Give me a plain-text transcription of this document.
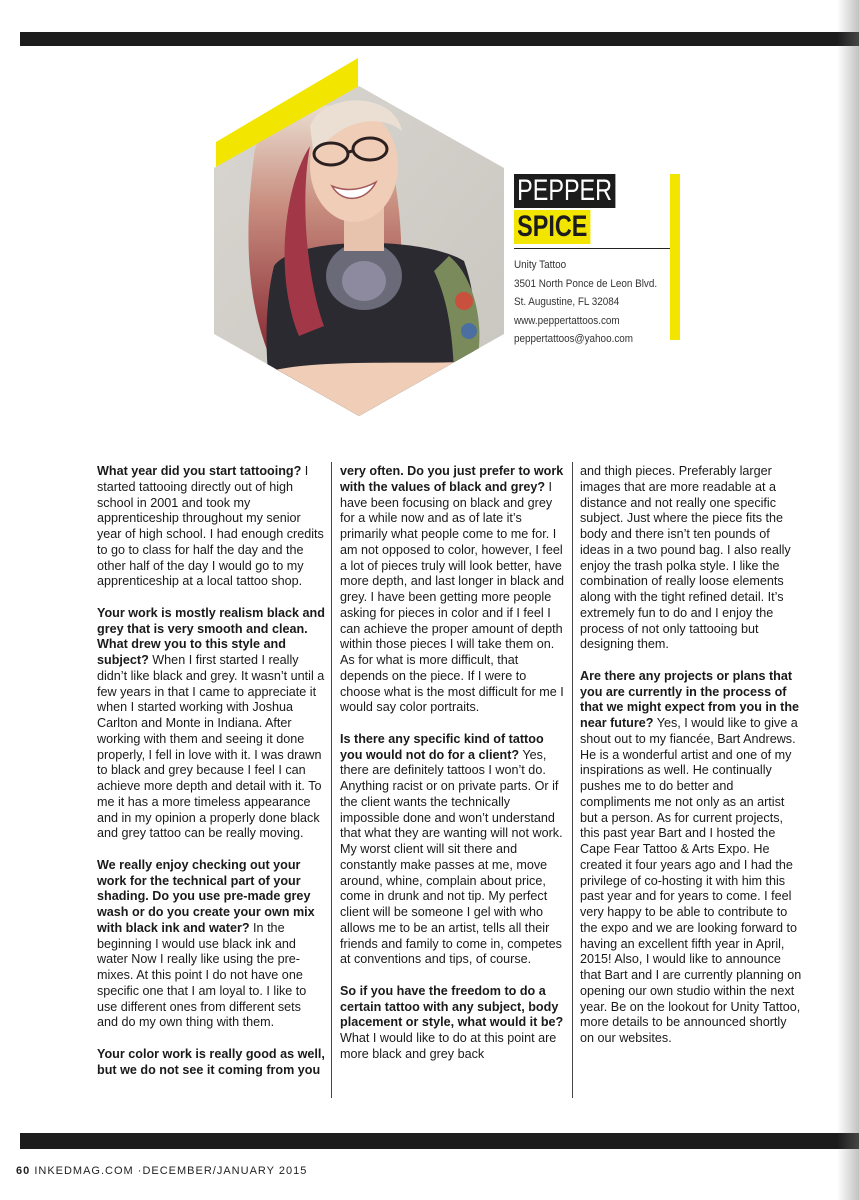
PEPPER
SPICE
Unity Tattoo
3501 North Ponce de Leon Blvd.
St. Augustine, FL 32084
www.peppertattoos.com
peppertattoos@yahoo.com

What year did you start tattooing? I started tattooing directly out of high school in 2001 and took my apprenticeship throughout my senior year of high school. I had enough credits to go to class for half the day and the other half of the day I would go to my apprenticeship at a local tattoo shop.

Your work is mostly realism black and grey that is very smooth and clean. What drew you to this style and subject? When I first started I really didn’t like black and grey. It wasn’t until a few years in that I came to appreciate it when I started working with Joshua Carlton and Monte in Indiana. After working with them and seeing it done properly, I fell in love with it. I was drawn to black and grey because I feel I can achieve more depth and detail with it. To me it has a more timeless appearance and in my opinion a properly done black and grey tattoo can be really moving.

We really enjoy checking out your work for the technical part of your shading. Do you use pre-made grey wash or do you create your own mix with black ink and water? In the beginning I would use black ink and water Now I really like using the pre-mixes. At this point I do not have one specific one that I am loyal to. I like to use different ones from different sets and do my own thing with them.

Your color work is really good as well, but we do not see it coming from you

very often. Do you just prefer to work with the values of black and grey? I have been focusing on black and grey for a while now and as of late it’s primarily what people come to me for. I am not opposed to color, however, I feel a lot of pieces truly will look better, have more depth, and last longer in black and grey. I have been getting more people asking for pieces in color and if I feel I can achieve the proper amount of depth within those pieces I will take them on. As for what is more difficult, that depends on the piece. If I were to choose what is the most difficult for me I would say color portraits.

Is there any specific kind of tattoo you would not do for a client? Yes, there are definitely tattoos I won’t do. Anything racist or on private parts. Or if the client wants the technically impossible done and won’t understand that what they are wanting will not work. My worst client will sit there and constantly make passes at me, move around, whine, complain about price, come in drunk and not tip. My perfect client will be someone I gel with who allows me to be an artist, tells all their friends and family to come in, competes at conventions and tips, of course.

So if you have the freedom to do a certain tattoo with any subject, body placement or style, what would it be? What I would like to do at this point are more black and grey back

and thigh pieces. Preferably larger images that are more readable at a distance and not really one specific subject. Just where the piece fits the body and there isn’t ten pounds of ideas in a two pound bag. I also really enjoy the trash polka style. I like the combination of really loose elements along with the tight refined detail. It’s extremely fun to do and I enjoy the process of not only tattooing but designing them.

Are there any projects or plans that you are currently in the process of that we might expect from you in the near future? Yes, I would like to give a shout out to my fiancée, Bart Andrews. He is a wonderful artist and one of my inspirations as well. He continually pushes me to do better and compliments me not only as an artist but a person. As for current projects, this past year Bart and I hosted the Cape Fear Tattoo & Arts Expo. He created it four years ago and I had the privilege of co-hosting it with him this past year and for years to come. I feel very happy to be able to contribute to the expo and we are looking forward to having an excellent fifth year in April, 2015! Also, I would like to announce that Bart and I are currently planning on opening our own studio within the next year. Be on the lookout for Unity Tattoo, more details to be announced shortly on our websites.

60 INKEDMAG.COM ·DECEMBER/JANUARY 2015
